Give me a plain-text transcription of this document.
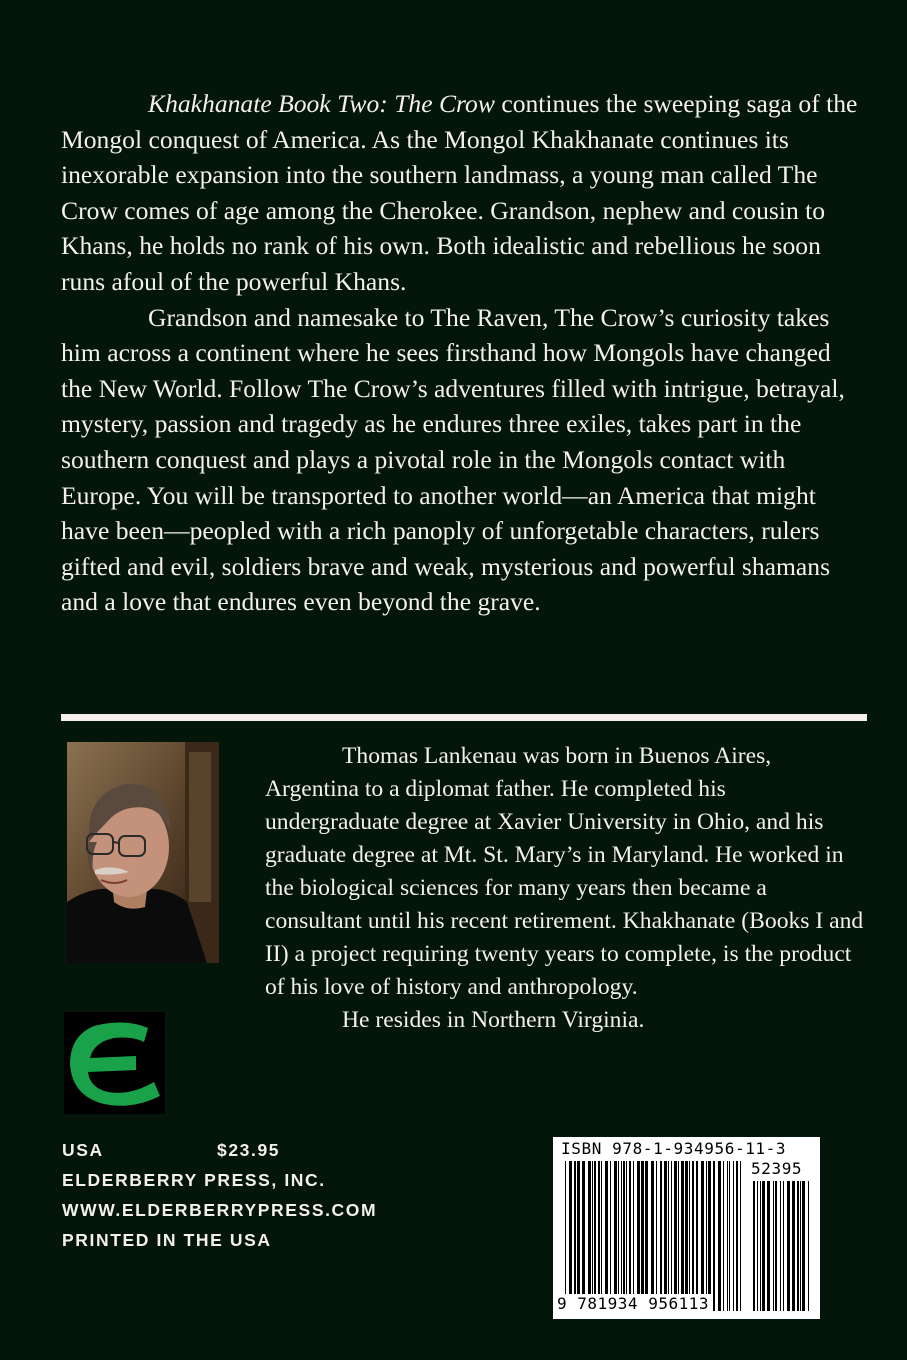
Khakhanate Book Two: The Crow continues the sweeping saga of the Mongol conquest of America. As the Mongol Khakhanate continues its inexorable expansion into the southern landmass, a young man called The Crow comes of age among the Cherokee. Grandson, nephew and cousin to Khans, he holds no rank of his own. Both idealistic and rebellious he soon runs afoul of the powerful Khans.

Grandson and namesake to The Raven, The Crow’s curiosity takes him across a continent where he sees firsthand how Mongols have changed the New World. Follow The Crow’s adventures filled with intrigue, betrayal, mystery, passion and tragedy as he endures three exiles, takes part in the southern conquest and plays a pivotal role in the Mongols contact with Europe. You will be transported to another world—an America that might have been—peopled with a rich panoply of unforgetable characters, rulers gifted and evil, soldiers brave and weak, mysterious and powerful shamans and a love that endures even beyond the grave.

Thomas Lankenau was born in Buenos Aires, Argentina to a diplomat father. He completed his undergraduate degree at Xavier University in Ohio, and his graduate degree at Mt. St. Mary’s in Maryland. He worked in the biological sciences for many years then became a consultant until his recent retirement. Khakhanate (Books I and II) a project requiring twenty years to complete, is the product of his love of history and anthropology.

He resides in Northern Virginia.

USA	$23.95
ELDERBERRY PRESS, INC.
WWW.ELDERBERRYPRESS.COM
PRINTED IN THE USA
ISBN 978-1-934956-11-3
52395
9 781934 956113
